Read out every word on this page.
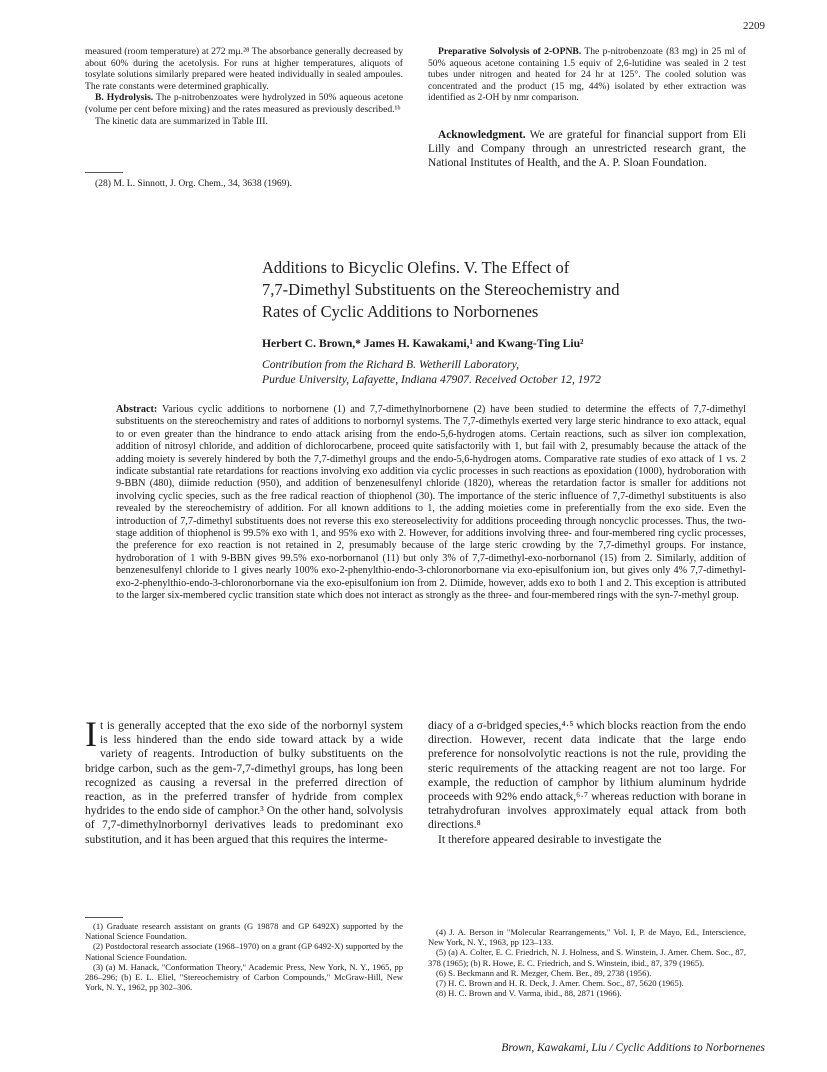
2209

measured (room temperature) at 272 mμ.²⁸ The absorbance generally decreased by about 60% during the acetolysis. For runs at higher temperatures, aliquots of tosylate solutions similarly prepared were heated individually in sealed ampoules. The rate constants were determined graphically.

B. Hydrolysis. The p-nitrobenzoates were hydrolyzed in 50% aqueous acetone (volume per cent before mixing) and the rates measured as previously described.¹ᵇ

The kinetic data are summarized in Table III.

(28) M. L. Sinnott, J. Org. Chem., 34, 3638 (1969).

Preparative Solvolysis of 2-OPNB. The p-nitrobenzoate (83 mg) in 25 ml of 50% aqueous acetone containing 1.5 equiv of 2,6-lutidine was sealed in 2 test tubes under nitrogen and heated for 24 hr at 125°. The cooled solution was concentrated and the product (15 mg, 44%) isolated by ether extraction was identified as 2-OH by nmr comparison.

Acknowledgment. We are grateful for financial support from Eli Lilly and Company through an unrestricted research grant, the National Institutes of Health, and the A. P. Sloan Foundation.
Additions to Bicyclic Olefins. V. The Effect of
7,7-Dimethyl Substituents on the Stereochemistry and
Rates of Cyclic Additions to Norbornenes
Herbert C. Brown,* James H. Kawakami,¹ and Kwang-Ting Liu²
Contribution from the Richard B. Wetherill Laboratory,
Purdue University, Lafayette, Indiana 47907. Received October 12, 1972
Abstract: Various cyclic additions to norbornene (1) and 7,7-dimethylnorbornene (2) have been studied to determine the effects of 7,7-dimethyl substituents on the stereochemistry and rates of additions to norbornyl systems. The 7,7-dimethyls exerted very large steric hindrance to exo attack, equal to or even greater than the hindrance to endo attack arising from the endo-5,6-hydrogen atoms. Certain reactions, such as silver ion complexation, addition of nitrosyl chloride, and addition of dichlorocarbene, proceed quite satisfactorily with 1, but fail with 2, presumably because the attack of the adding moiety is severely hindered by both the 7,7-dimethyl groups and the endo-5,6-hydrogen atoms. Comparative rate studies of exo attack of 1 vs. 2 indicate substantial rate retardations for reactions involving exo addition via cyclic processes in such reactions as epoxidation (1000), hydroboration with 9-BBN (480), diimide reduction (950), and addition of benzenesulfenyl chloride (1820), whereas the retardation factor is smaller for additions not involving cyclic species, such as the free radical reaction of thiophenol (30). The importance of the steric influence of 7,7-dimethyl substituents is also revealed by the stereochemistry of addition. For all known additions to 1, the adding moieties come in preferentially from the exo side. Even the introduction of 7,7-dimethyl substituents does not reverse this exo stereoselectivity for additions proceeding through noncyclic processes. Thus, the two-stage addition of thiophenol is 99.5% exo with 1, and 95% exo with 2. However, for additions involving three- and four-membered ring cyclic processes, the preference for exo reaction is not retained in 2, presumably because of the large steric crowding by the 7,7-dimethyl groups. For instance, hydroboration of 1 with 9-BBN gives 99.5% exo-norbornanol (11) but only 3% of 7,7-dimethyl-exo-norbornanol (15) from 2. Similarly, addition of benzenesulfenyl chloride to 1 gives nearly 100% exo-2-phenylthio-endo-3-chloronorbornane via exo-episulfonium ion, but gives only 4% 7,7-dimethyl-exo-2-phenylthio-endo-3-chloronorbornane via the exo-episulfonium ion from 2. Diimide, however, adds exo to both 1 and 2. This exception is attributed to the larger six-membered cyclic transition state which does not interact as strongly as the three- and four-membered rings with the syn-7-methyl group.
It is generally accepted that the exo side of the norbornyl system is less hindered than the endo side toward attack by a wide variety of reagents. Introduction of bulky substituents on the bridge carbon, such as the gem-7,7-dimethyl groups, has long been recognized as causing a reversal in the preferred direction of reaction, as in the preferred transfer of hydride from complex hydrides to the endo side of camphor.³ On the other hand, solvolysis of 7,7-dimethylnorbornyl derivatives leads to predominant exo substitution, and it has been argued that this requires the interme-

diacy of a σ-bridged species,⁴·⁵ which blocks reaction from the endo direction. However, recent data indicate that the large endo preference for nonsolvolytic reactions is not the rule, providing the steric requirements of the attacking reagent are not too large. For example, the reduction of camphor by lithium aluminum hydride proceeds with 92% endo attack,⁶·⁷ whereas reduction with borane in tetrahydrofuran involves approximately equal attack from both directions.⁸

It therefore appeared desirable to investigate the

(1) Graduate research assistant on grants (G 19878 and GP 6492X) supported by the National Science Foundation.

(2) Postdoctoral research associate (1968–1970) on a grant (GP 6492-X) supported by the National Science Foundation.

(3) (a) M. Hanack, "Conformation Theory," Academic Press, New York, N. Y., 1965, pp 286–296; (b) E. L. Eliel, "Stereochemistry of Carbon Compounds," McGraw-Hill, New York, N. Y., 1962, pp 302–306.

(4) J. A. Berson in "Molecular Rearrangements," Vol. I, P. de Mayo, Ed., Interscience, New York, N. Y., 1963, pp 123–133.

(5) (a) A. Colter, E. C. Friedrich, N. J. Holness, and S. Winstein, J. Amer. Chem. Soc., 87, 378 (1965); (b) R. Howe, E. C. Friedrich, and S. Winstein, ibid., 87, 379 (1965).

(6) S. Beckmann and R. Mezger, Chem. Ber., 89, 2738 (1956).

(7) H. C. Brown and H. R. Deck, J. Amer. Chem. Soc., 87, 5620 (1965).

(8) H. C. Brown and V. Varma, ibid., 88, 2871 (1966).

Brown, Kawakami, Liu / Cyclic Additions to Norbornenes
